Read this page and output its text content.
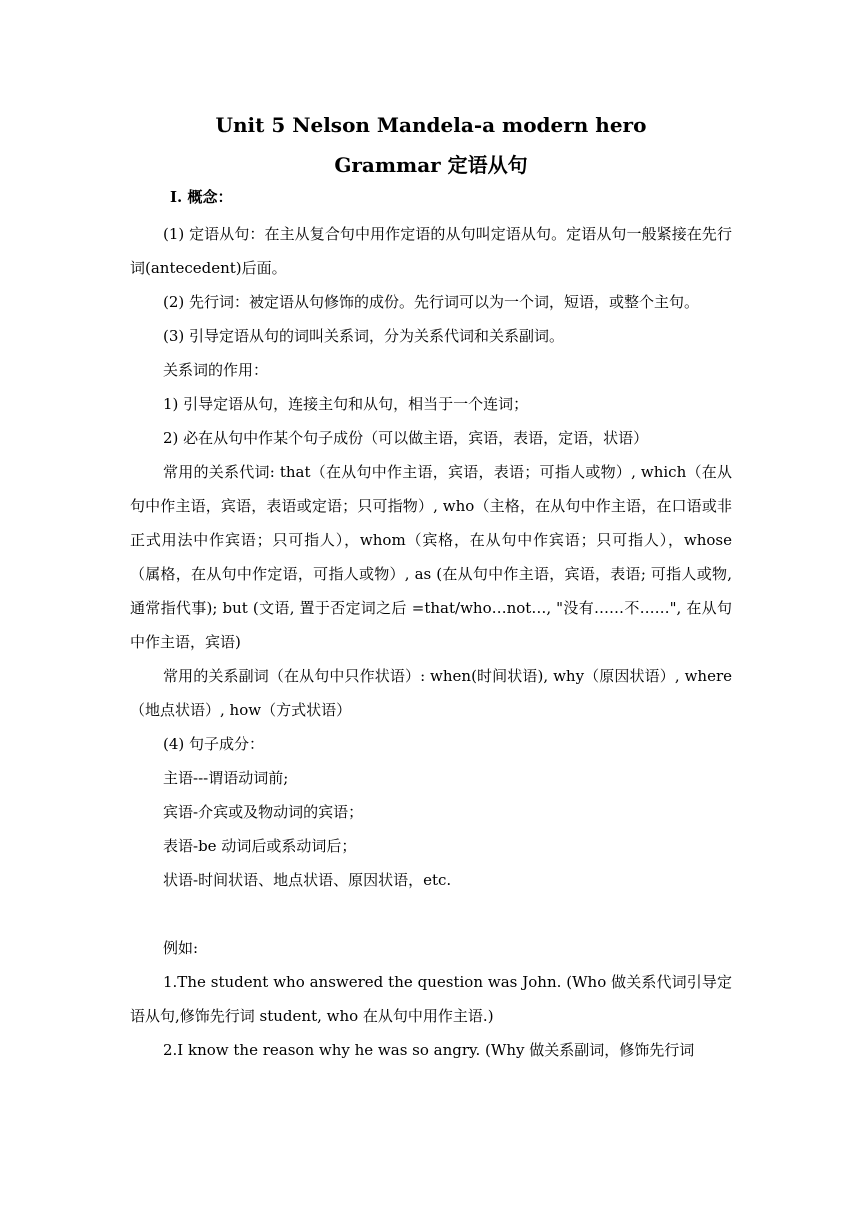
Unit 5 Nelson Mandela-a modern hero
Grammar 定语从句
Ⅰ. 概念：

(1) 定语从句：在主从复合句中用作定语的从句叫定语从句。定语从句一般紧接在先行词(antecedent)后面。

(2) 先行词：被定语从句修饰的成份。先行词可以为一个词，短语，或整个主句。

(3) 引导定语从句的词叫关系词，分为关系代词和关系副词。

关系词的作用：

1) 引导定语从句，连接主句和从句，相当于一个连词；

2) 必在从句中作某个句子成份（可以做主语，宾语，表语，定语，状语）

常用的关系代词: that（在从句中作主语，宾语，表语；可指人或物）, which（在从句中作主语，宾语，表语或定语；只可指物）, who（主格，在从句中作主语，在口语或非正式用法中作宾语；只可指人），whom（宾格，在从句中作宾语；只可指人），whose（属格，在从句中作定语，可指人或物）, as (在从句中作主语，宾语，表语; 可指人或物, 通常指代事); but (文语, 置于否定词之后 =that/who…not…, "没有……不……", 在从句中作主语，宾语)

常用的关系副词（在从句中只作状语）: when(时间状语), why（原因状语）, where（地点状语）, how（方式状语）

(4) 句子成分：

主语---谓语动词前;

宾语-介宾或及物动词的宾语；

表语-be 动词后或系动词后；

状语-时间状语、地点状语、原因状语，etc.

例如:

1.The student who answered the question was John. (Who 做关系代词引导定语从句,修饰先行词 student, who 在从句中用作主语.)

2.I know the reason why he was so angry. (Why 做关系副词，修饰先行词
